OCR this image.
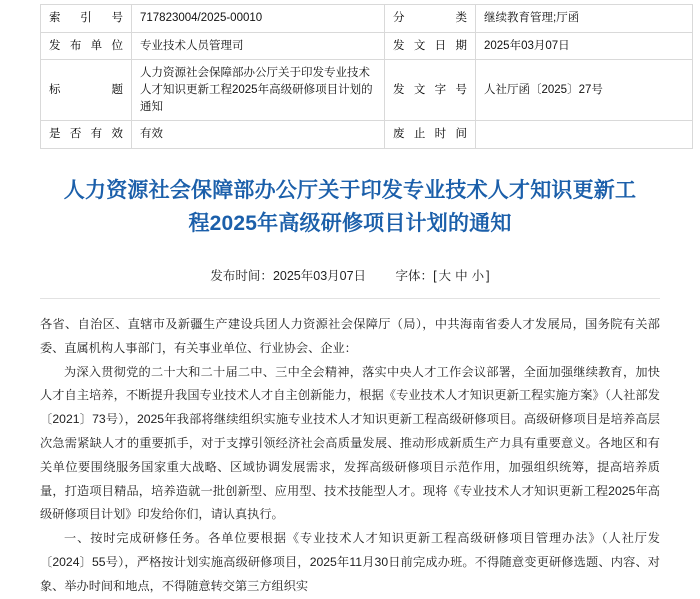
索引号	717823004/2025-00010	分　类	继续教育管理;厅函
发布单位	专业技术人员管理司	发文日期	2025年03月07日
标　题	人力资源社会保障部办公厅关于印发专业技术人才知识更新工程2025年高级研修项目计划的通知	发文字号	人社厅函〔2025〕27号
是否有效	有效	废止时间	
人力资源社会保障部办公厅关于印发专业技术人才知识更新工程2025年高级研修项目计划的通知
发布时间：2025年03月07日 字体：[ 大 中 小 ]

各省、自治区、直辖市及新疆生产建设兵团人力资源社会保障厅（局），中共海南省委人才发展局，国务院有关部委、直属机构人事部门，有关事业单位、行业协会、企业：

为深入贯彻党的二十大和二十届二中、三中全会精神，落实中央人才工作会议部署，全面加强继续教育，加快人才自主培养，不断提升我国专业技术人才自主创新能力，根据《专业技术人才知识更新工程实施方案》（人社部发〔2021〕73号），2025年我部将继续组织实施专业技术人才知识更新工程高级研修项目。高级研修项目是培养高层次急需紧缺人才的重要抓手，对于支撑引领经济社会高质量发展、推动形成新质生产力具有重要意义。各地区和有关单位要围绕服务国家重大战略、区域协调发展需求，发挥高级研修项目示范作用，加强组织统筹，提高培养质量，打造项目精品，培养造就一批创新型、应用型、技术技能型人才。现将《专业技术人才知识更新工程2025年高级研修项目计划》印发给你们，请认真执行。

一、按时完成研修任务。各单位要根据《专业技术人才知识更新工程高级研修项目管理办法》（人社厅发〔2024〕55号），严格按计划实施高级研修项目，2025年11月30日前完成办班。不得随意变更研修选题、内容、对象、举办时间和地点，不得随意转交第三方组织实
